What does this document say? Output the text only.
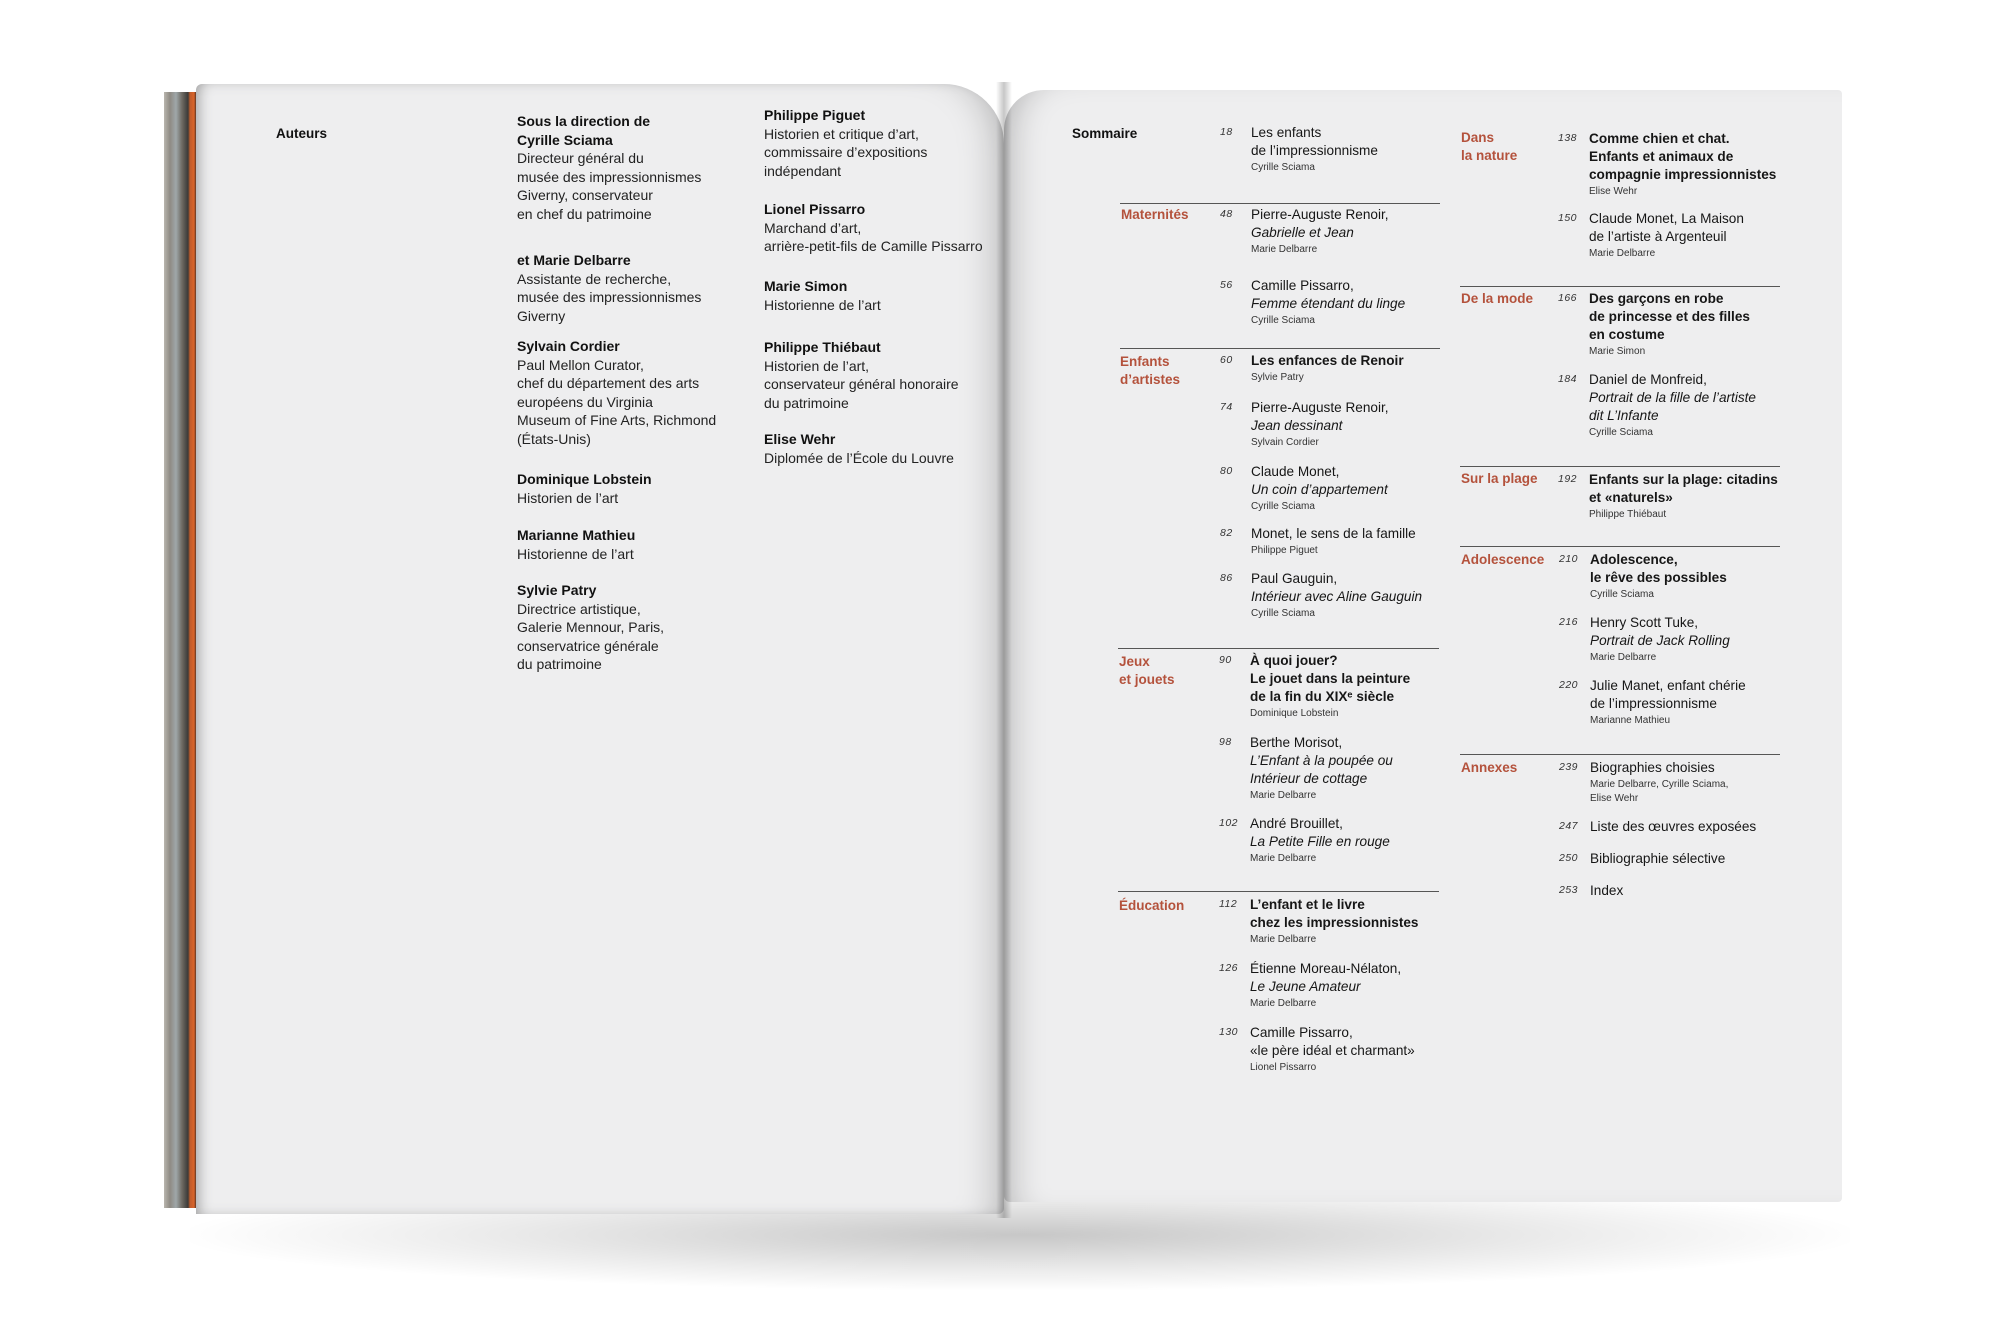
Auteurs
Sous la direction de
Cyrille Sciama
Directeur général du
musée des impressionnismes
Giverny, conservateur
en chef du patrimoine
et Marie Delbarre
Assistante de recherche,
musée des impressionnismes
Giverny
Sylvain Cordier
Paul Mellon Curator,
chef du département des arts
européens du Virginia
Museum of Fine Arts, Richmond
(États-Unis)
Dominique Lobstein
Historien de l’art
Marianne Mathieu
Historienne de l’art
Sylvie Patry
Directrice artistique,
Galerie Mennour, Paris,
conservatrice générale
du patrimoine
Philippe Piguet
Historien et critique d’art,
commissaire d’expositions
indépendant
Lionel Pissarro
Marchand d’art,
arrière-petit-fils de Camille Pissarro
Marie Simon
Historienne de l’art
Philippe Thiébaut
Historien de l’art,
conservateur général honoraire
du patrimoine
Elise Wehr
Diplomée de l’École du Louvre
Sommaire	18 Les enfants
de l’impressionnisme
Cyrille Sciama
Maternités	48 Pierre-Auguste Renoir,
Gabrielle et Jean
Marie Delbarre
56 Camille Pissarro,
Femme étendant du linge
Cyrille Sciama
Enfants
d’artistes
60 Les enfances de Renoir
Sylvie Patry
74 Pierre-Auguste Renoir,
Jean dessinant
Sylvain Cordier
80 Claude Monet,
Un coin d’appartement
Cyrille Sciama
82 Monet, le sens de la famille
Philippe Piguet
86 Paul Gauguin,
Intérieur avec Aline Gauguin
Cyrille Sciama
Jeux
et jouets
90 À quoi jouer?
Le jouet dans la peinture
de la fin du XIXᵉ siècle
Dominique Lobstein
98 Berthe Morisot,
L’Enfant à la poupée ou
Intérieur de cottage
Marie Delbarre
102 André Brouillet,
La Petite Fille en rouge
Marie Delbarre
Éducation	112 L’enfant et le livre
chez les impressionnistes
Marie Delbarre
126 Étienne Moreau-Nélaton,
Le Jeune Amateur
Marie Delbarre
130 Camille Pissarro,
«le père idéal et charmant»
Lionel Pissarro
Dans
la nature
138 Comme chien et chat.
Enfants et animaux de
compagnie impressionnistes
Elise Wehr
150 Claude Monet, La Maison
de l’artiste à Argenteuil
Marie Delbarre
De la mode 166 Des garçons en robe
de princesse et des filles
en costume
Marie Simon
184 Daniel de Monfreid,
Portrait de la fille de l’artiste
dit L’Infante
Cyrille Sciama
Sur la plage 192 Enfants sur la plage: citadins
et «naturels»
Philippe Thiébaut
Adolescence 210 Adolescence,
le rêve des possibles
Cyrille Sciama
216 Henry Scott Tuke,
Portrait de Jack Rolling
Marie Delbarre
220 Julie Manet, enfant chérie
de l’impressionnisme
Marianne Mathieu
Annexes	239 Biographies choisies
Marie Delbarre, Cyrille Sciama,
Elise Wehr
247 Liste des œuvres exposées
250 Bibliographie sélective
253 Index
